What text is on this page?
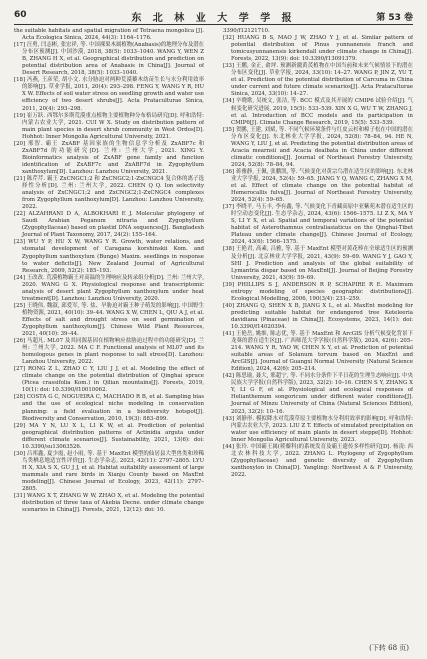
60	东 北 林 业 大 学 学 报	第 53 卷

the suitable habitats and spatial migration of Tetraena mongolica [J]. Acta Ecologica Sinica, 2024, 44(3): 1164–1176.

[17] 汪勇, 闫志彬, 张宏祥, 等. 中国裸果木属植物(Anabasis)的地理分布及潜在分布区预测[J]. 中国沙漠, 2018, 38(5): 1033–1040. WANG Y, WEN Z B, ZHANG H X, et al. Geographical distribution and prediction on potential distribution area of Anabasis in China[J]. Journal of Desert Research, 2018, 38(5): 1033–1040.

[18] 冯燕, 王彦荣, 胡小文. 水分胁迫对两种荒漠藜木幼苗生长与水分利用效率的影响[J]. 草业学报, 2011, 20(4): 293–298. FENG Y, WANG Y R, HU X W. Effects of soil water stress on seedling growth and water use efficiency of two desert shrubs[J]. Acta Prataculturae Sinica, 2011, 20(4): 293–298.

[19] 崔万跃. 西鄂尔多斯荒漠重点植物主要植物种分布格局研究[D]. 呼和浩特: 内蒙古农业大学, 2021. CUI W X. Study on distribution pattern of main plant species in desert shrub community in West Ordos[D]. Hohhot: Inner Mongolia Agricultural University, 2021.

[20] 邢智. 霸王 ZxABF 基因家族的生物信息学分析及 ZxABF7c 和 ZxABF7d 的功能研究[D]. 兰州: 兰州大学, 2021. XING Y. Bioinformatics analysis of ZxABF gene family and function identification of ZxABF7c and ZxABF7d in Zygophyllum xanthoxylum[D]. Lanzhou: Lanzhou University, 2021.

[21] 陈芹芹. 霸王 ZxCNGC1;2 和 ZxCNGC2;1-ZxCNGC4 复合体的离子选择性分析[D]. 兰州: 兰州大学, 2022. CHEN Q Q. Ion selectivity analysis of ZxCNGC1;2 and ZxCNGC2;1-ZxCNGC4 complexes from Zygophyllum xanthoxylum[D]. Lanzhou: Lanzhou University, 2022.

[22] ALZAHRANI D A, ALBOKHARI E J. Molecular phylogeny of Saudi Arabian Peganum nitraria and Zygophyllum (Zygophyllaceae) based on plastid DNA sequences[J]. Bangladesh Journal of Plant Taxonomy, 2017, 24(2): 155–164.

[23] WU Y P, HU X W, WANG Y R. Growth, water relations, and stomatal development of Caragana korshinskii Kom. and Zygophyllum xanthoxylum (Bunge) Maxim. seedlings in response to water deficits[J]. New Zealand Journal of Agricultural Research, 2009, 52(2): 185–193.

[24] 王改改. 荒漠植物霸王对高温的生理响应及转录组分析[D]. 兰州: 兰州大学, 2020. WANG G X. Physiological response and transcriptomic analysis of desert plant Zygophyllum xanthoxylum under heat treatment[D]. Lanzhou: Lanzhou University, 2020.

[25] 王晓伟, 魏淑, 邱爱军, 等. 盐、旱胁迫对霸王种子萌发的影响[J]. 中国野生植物资源, 2021, 40(10): 39–44. WANG X W, CHEN L, QIU A J, et al. Effects of salt and drought stress on seed germination of Zygophyllum xanthoxylum[J]. Chinese Wild Plant Resources, 2021, 40(10): 39–44.

[26] 马超凡. ML07 及其同源基因在植物响应盐胁迫过程中的功能研究[D]. 兰州: 兰州大学, 2022. MA C F. Functional analysis of ML07 and its homologous genes in plant response to salt stress[D]. Lanzhou: Lanzhou University, 2022.

[27] RONG Z L, ZHAO C Y, LIU J J, et al. Modeling the effect of climate change on the potential distribution of Qinghai spruce (Picea crassifolia Kom.) in Qilian mountains[J]. Forests, 2019, 10(1): doi: 10.3390/f10010062.

[28] COSTA G C, NOGUEIRA C, MACHADO R B, et al. Sampling bias and the use of ecological niche modeling in conservation planning: a field evaluation in a biodiversity hotspot[J]. Biodiversity and Conservation, 2010, 19(3): 883–899.

[29] MA Y N, LU X L, LI K W, et al. Prediction of potential geographical distribution patterns of Actinidia arguta under different climate scenarios[J]. Sustainability, 2021, 13(6): doi: 10.3390/su13063526.

[30] 吕邦鑫, 夏少霞, 赵小雨, 等. 基于 MaxEnt 模型的仙居县大型兽类和珍稀鸟类栖息地适宜性评价[J]. 生态学杂志, 2023, 42(11): 2797–2805. LYU H X, XIA S X, GU J J, et al. Habitat suitability assessment of large mammals and rare birds in Xianju County based on MaxEnt modeling[J]. Chinese Journal of Ecology, 2023, 42(11): 2797–2805.

[31] WANG X T, ZHANG W W, ZHAO X, et al. Modeling the potential distribution of three taxa of Akebia Decne. under climate change scenarios in China[J]. Forests, 2021, 12(12): doi: 10.

3390/f12121710.

[32] HUANG B S, MAO J W, ZHAO Y J, et al. Similar pattern of potential distribution of Pinus yunnanensis franch and tomicusyunnanensis kirkendall under climate change in China[J]. Forests, 2022, 13(9): doi: 10.3390/f13091379.

[33] 王鹏, 金正, 俞坪. 预测新疆黄芪植物在中国当前和未来气候情景下的潜在分布区变化[J]. 草业学报, 2024, 33(10): 14–27. WANG P, JIN Z, YU T, et al. Prediction of the potential distribution of Carcuma in China under current and future climate scenarios[J]. Acta Prataculturae Sinica, 2024, 33(10): 14–27.

[34] 辛晓歌, 吴统文, 张洁, 等. BCC 模式及其开展的 CMIP6 试验介绍[J]. 气候变化研究进展, 2019, 15(5): 533–539. XIN X G, WU T W, ZHANG J, et al. Introduction of BCC models and its participation in CMIP6[J]. Climate Change Research, 2019, 15(5): 533–539.

[35] 贺鹏, 王建, 刘斌, 等. 不同气候环境条件与红皮云杉和樟子松在中国的潜在分布区变化[J]. 东北林业大学学报, 2024, 52(8): 78–84, 94. HE N, WANG Y, LIU J, et al. Predicting the potential distribution areas of Acacia mearnsii and Acacia dealbata in China under different climatic conditions[J]. Journal of Northeast Forestry University, 2024, 52(8): 78–84, 94.

[36] 蒋雅静, 王佩, 张鹏凯, 等. 气候变化对黄宗鸟潜在适生区的影响[J]. 东北林业大学学报, 2024, 52(4): 59–65. JIANG Y Q, WANG C, ZHANG X M, et al. Effect of climate change on the potential habitat of Hemerocallis fulva[J]. Journal of Northeast Forestry University, 2024, 52(4): 59–65.

[37] 李晓平, 马玉丰, 李有鑫, 等. 气候变化下青藏高原中亚紫苑木潜在适生区的时空动态变化[J]. 生态学杂志, 2024, 43(6): 1566–1575. LI Z X, MA Y S, LI Y X, et al. Spatial and temporal variations of the potential habitat of Asterothamnus centraliasiaticus on the Qinghai-Tibet Plateau under climate change[J]. Chinese Journal of Ecology, 2024, 43(6): 1566–1575.

[38] 王艳君, 高素, 吕雅, 等. 基于 MaxEnt 模型对黄花棒在全球适生区的预测及分析[J]. 北京林业大学学报, 2021, 43(9): 59–69. WANG Y J, GAO Y, SHI J. Prediction and analysis of the global suitability of Lymantria dispar based on MaxEnt[J]. Journal of Beijing Forestry University, 2021, 43(9): 59–69.

[39] PHILLIPS S J, ANDERSON R P, SCHAPIRE R E. Maximum entropy modeling of species geographic distributions[J]. Ecological Modelling, 2006, 190(3/4): 231–259.

[40] ZHANG Q, SHEN X B, JIANG X L, et al. MaxEnt modeling for predicting suitable habitat for endangered tree Keteleeria davidiana (Pinaceae) in China[J]. Ecosystems, 2023, 14(1): doi: 10.3390/f14020394.

[41] 王艳岳, 姚维, 陈志优, 等. 基于 MaxEnt 和 ArcGIS 分析气候变化背景下龙葵的潜在适生区[J]. 广西师范大学学报(自然科学版), 2024, 42(6): 205–214. WANG Y R, YAO W, CHEN X Y, et al. Prediction of potential suitable areas of Solanum torvum based on MaxEnt and ArcGIS[J]. Journal of Guangxi Normal University (Natural Science Edition), 2024, 42(6): 205–214.

[42] 陈思瑜, 聂大, 邢超宁, 等. 不同水分条件下半日花的生理生态响应[J]. 中央民族大学学报(自然科学版), 2023, 32(2): 10–16. CHEN S Y, ZHANG X Y, LI G F, et al. Physiological and ecological responses of Helianthemum songoricum under different water conditions[J]. Journal of Minzu University of China (Natural Sciences Edition), 2023, 32(2): 10–16.

[43] 刘静形. 模拟降水对荒漠草原主要植物水分利用效率的影响[D]. 呼和浩特: 内蒙古农业大学, 2023. LIU Z T. Effects of simulated precipitation on water use efficiency of main plants in desert steppe[D]. Hohhot: Inner Mongolia Agricultural University, 2023.

[44] 张玲. 中国霸王属(蒺藜科)的系统发育及霸王遗传多样性研究[D]. 杨凌: 西北农林科技大学, 2022. ZHANG L. Phylogeny of Zygophyllum (Zygophyllaceae) and genetic diversity of Zygophyllum xanthoxylon in China[D]. Yangling: Northwest A & F University, 2022.

(下转 68 页)
